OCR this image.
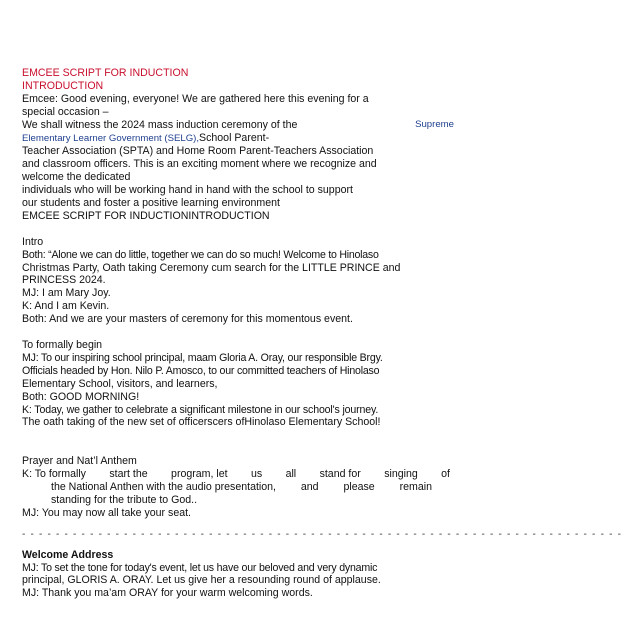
EMCEE SCRIPT FOR INDUCTION
INTRODUCTION
Emcee: Good evening, everyone! We are gathered here this evening for a
special occasion –
We shall witness the 2024 mass induction ceremony of the	Supreme
Elementary Learner Government (SELG),School Parent-
Teacher Association (SPTA) and Home Room Parent-Teachers Association
and classroom officers. This is an exciting moment where we recognize and
welcome the dedicated
individuals who will be working hand in hand with the school to support
our students and foster a positive learning environment
EMCEE SCRIPT FOR INDUCTIONINTRODUCTION
Intro
Both: “Alone we can do little, together we can do so much! Welcome to Hinolaso
Christmas Party, Oath taking Ceremony cum search for the LITTLE PRINCE and
PRINCESS 2024.
MJ: I am Mary Joy.
K: And I am Kevin.
Both: And we are your masters of ceremony for this momentous event.
To formally begin
MJ: To our inspiring school principal, maam Gloria A. Oray, our responsible Brgy.
Officials headed by Hon. Nilo P. Amosco, to our committed teachers of Hinolaso
Elementary School, visitors, and learners,
Both: GOOD MORNING!
K: Today, we gather to celebrate a significant milestone in our school's journey.
The oath taking of the new set of officerscers ofHinolaso Elementary School!
Prayer and Nat’l Anthem
K: To formally start the program, let us all stand for singing of
the National Anthen with the audio presentation, and please remain
standing for the tribute to God..
MJ: You may now all take your seat.
- - - - - - - - - - - - - - - - - - - - - - - - - - - - - - - - - - - - - - - - - - - - - - - - - - - - - - - - - - - - - - - - - - - - - - -
Welcome Address
MJ: To set the tone for today's event, let us have our beloved and very dynamic
principal, GLORIS A. ORAY. Let us give her a resounding round of applause.
MJ: Thank you ma’am ORAY for your warm welcoming words.
